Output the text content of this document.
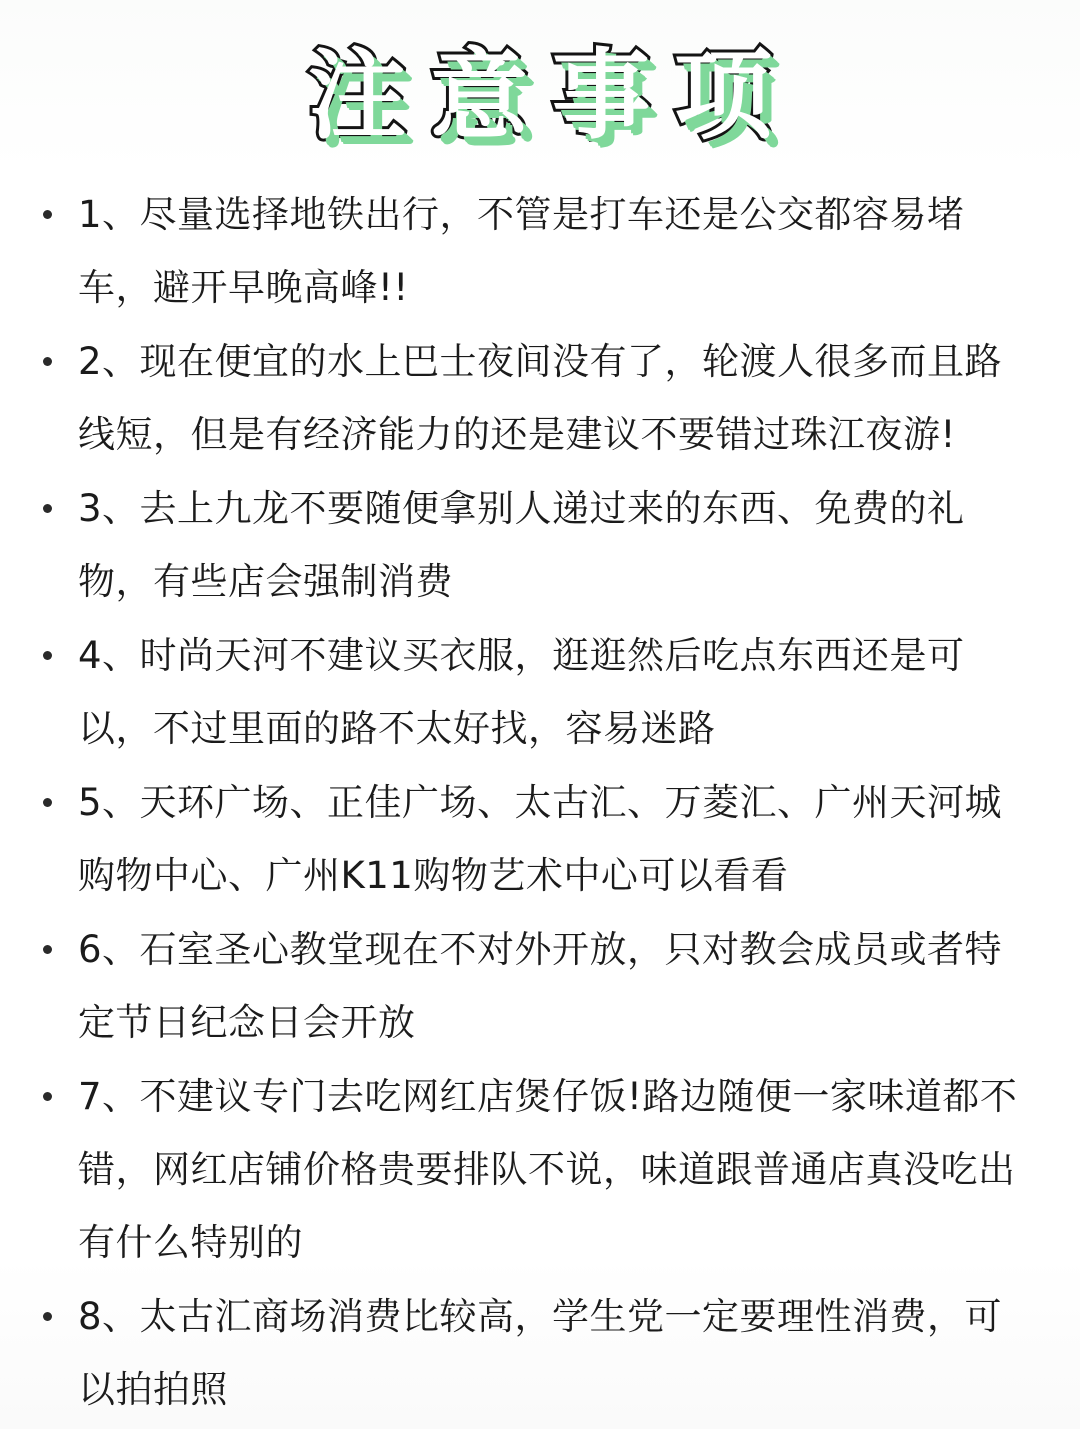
注意事项
1、尽量选择地铁出行，不管是打车还是公交都容易堵车，避开早晚高峰!!
2、现在便宜的水上巴士夜间没有了，轮渡人很多而且路线短，但是有经济能力的还是建议不要错过珠江夜游!
3、去上九龙不要随便拿别人递过来的东西、免费的礼物，有些店会强制消费
4、时尚天河不建议买衣服，逛逛然后吃点东西还是可以，不过里面的路不太好找，容易迷路
5、天环广场、正佳广场、太古汇、万菱汇、广州天河城购物中心、广州K11购物艺术中心可以看看
6、石室圣心教堂现在不对外开放，只对教会成员或者特定节日纪念日会开放
7、不建议专门去吃网红店煲仔饭!路边随便一家味道都不错，网红店铺价格贵要排队不说，味道跟普通店真没吃出有什么特别的
8、太古汇商场消费比较高，学生党一定要理性消费，可以拍拍照
